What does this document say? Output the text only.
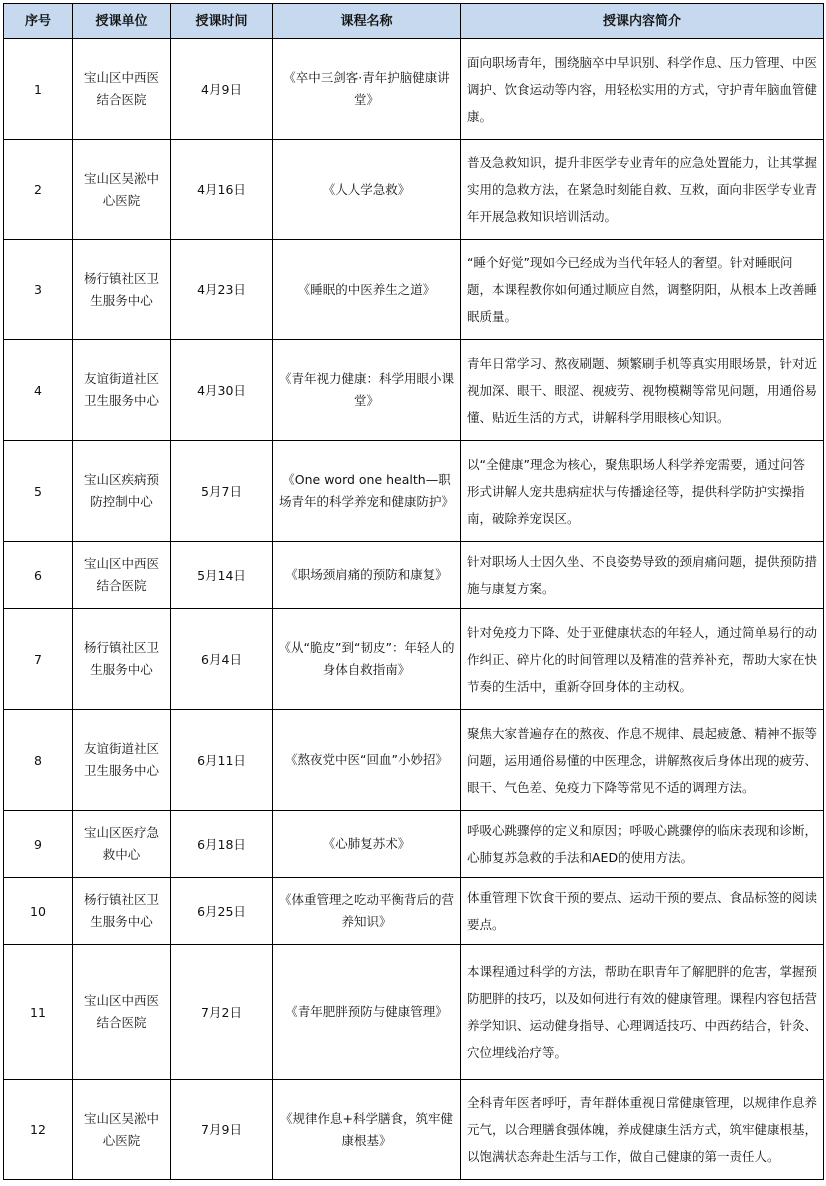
序号	授课单位	授课时间	课程名称	授课内容简介
1	宝山区中西医结合医院	4月9日	《卒中三剑客·青年护脑健康讲堂》	面向职场青年，围绕脑卒中早识别、科学作息、压力管理、中医调护、饮食运动等内容，用轻松实用的方式，守护青年脑血管健康。
2	宝山区吴淞中心医院	4月16日	《人人学急救》	普及急救知识，提升非医学专业青年的应急处置能力，让其掌握实用的急救方法，在紧急时刻能自救、互救，面向非医学专业青年开展急救知识培训活动。
3	杨行镇社区卫生服务中心	4月23日	《睡眠的中医养生之道》	“睡个好觉”现如今已经成为当代年轻人的奢望。针对睡眠问题，本课程教你如何通过顺应自然，调整阴阳，从根本上改善睡眠质量。
4	友谊街道社区卫生服务中心	4月30日	《青年视力健康：科学用眼小课堂》	青年日常学习、熬夜刷题、频繁刷手机等真实用眼场景，针对近视加深、眼干、眼涩、视疲劳、视物模糊等常见问题，用通俗易懂、贴近生活的方式，讲解科学用眼核心知识。
5	宝山区疾病预防控制中心	5月7日	《One word one health—职场青年的科学养宠和健康防护》	以“全健康”理念为核心，聚焦职场人科学养宠需要，通过问答形式讲解人宠共患病症状与传播途径等，提供科学防护实操指南，破除养宠误区。
6	宝山区中西医结合医院	5月14日	《职场颈肩痛的预防和康复》	针对职场人士因久坐、不良姿势导致的颈肩痛问题，提供预防措施与康复方案。
7	杨行镇社区卫生服务中心	6月4日	《从“脆皮”到“韧皮”：年轻人的身体自救指南》	针对免疫力下降、处于亚健康状态的年轻人，通过简单易行的动作纠正、碎片化的时间管理以及精准的营养补充，帮助大家在快节奏的生活中，重新夺回身体的主动权。
8	友谊街道社区卫生服务中心	6月11日	《熬夜党中医“回血”小妙招》	聚焦大家普遍存在的熬夜、作息不规律、晨起疲惫、精神不振等问题，运用通俗易懂的中医理念，讲解熬夜后身体出现的疲劳、眼干、气色差、免疫力下降等常见不适的调理方法。
9	宝山区医疗急救中心	6月18日	《心肺复苏术》	呼吸心跳骤停的定义和原因；呼吸心跳骤停的临床表现和诊断，心肺复苏急救的手法和AED的使用方法。
10	杨行镇社区卫生服务中心	6月25日	《体重管理之吃动平衡背后的营养知识》	体重管理下饮食干预的要点、运动干预的要点、食品标签的阅读要点。
11	宝山区中西医结合医院	7月2日	《青年肥胖预防与健康管理》	本课程通过科学的方法，帮助在职青年了解肥胖的危害，掌握预防肥胖的技巧，以及如何进行有效的健康管理。课程内容包括营养学知识、运动健身指导、心理调适技巧、中西药结合，针灸、穴位埋线治疗等。
12	宝山区吴淞中心医院	7月9日	《规律作息+科学膳食，筑牢健康根基》	全科青年医者呼吁，青年群体重视日常健康管理，以规律作息养元气，以合理膳食强体魄，养成健康生活方式，筑牢健康根基，以饱满状态奔赴生活与工作，做自己健康的第一责任人。
